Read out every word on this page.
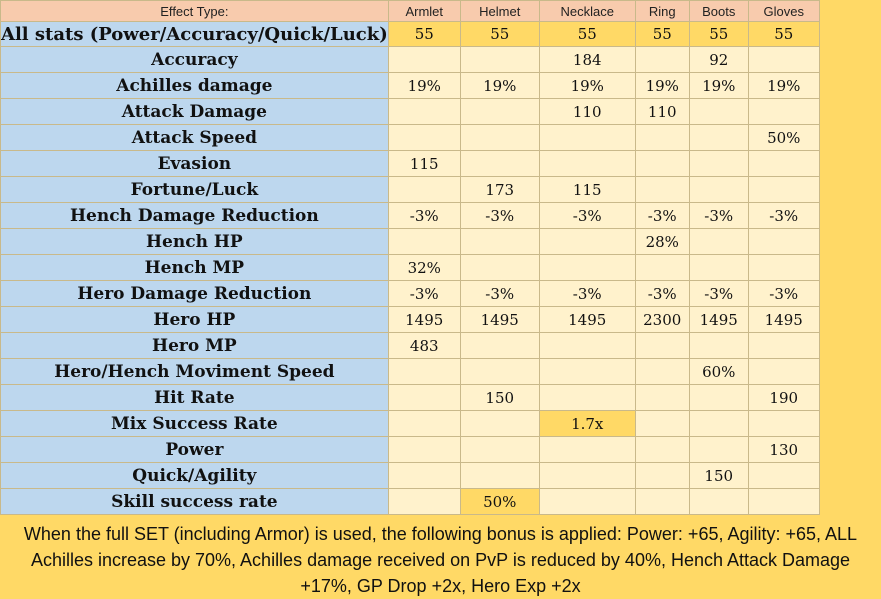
Effect Type:	Armlet	Helmet	Necklace	Ring	Boots	Gloves
All stats (Power/Accuracy/Quick/Luck)	55	55	55	55	55	55
Accuracy			184		92	
Achilles damage	19%	19%	19%	19%	19%	19%
Attack Damage			110	110		
Attack Speed						50%
Evasion	115					
Fortune/Luck		173	115			
Hench Damage Reduction	-3%	-3%	-3%	-3%	-3%	-3%
Hench HP				28%		
Hench MP	32%					
Hero Damage Reduction	-3%	-3%	-3%	-3%	-3%	-3%
Hero HP	1495	1495	1495	2300	1495	1495
Hero MP	483					
Hero/Hench Moviment Speed					60%	
Hit Rate		150				190
Mix Success Rate			1.7x			
Power						130
Quick/Agility					150	
Skill success rate		50%				
When the full SET (including Armor) is used, the following bonus is applied: Power: +65, Agility: +65, ALL Achilles increase by 70%, Achilles damage received on PvP is reduced by 40%, Hench Attack Damage +17%, GP Drop +2x, Hero Exp +2x
